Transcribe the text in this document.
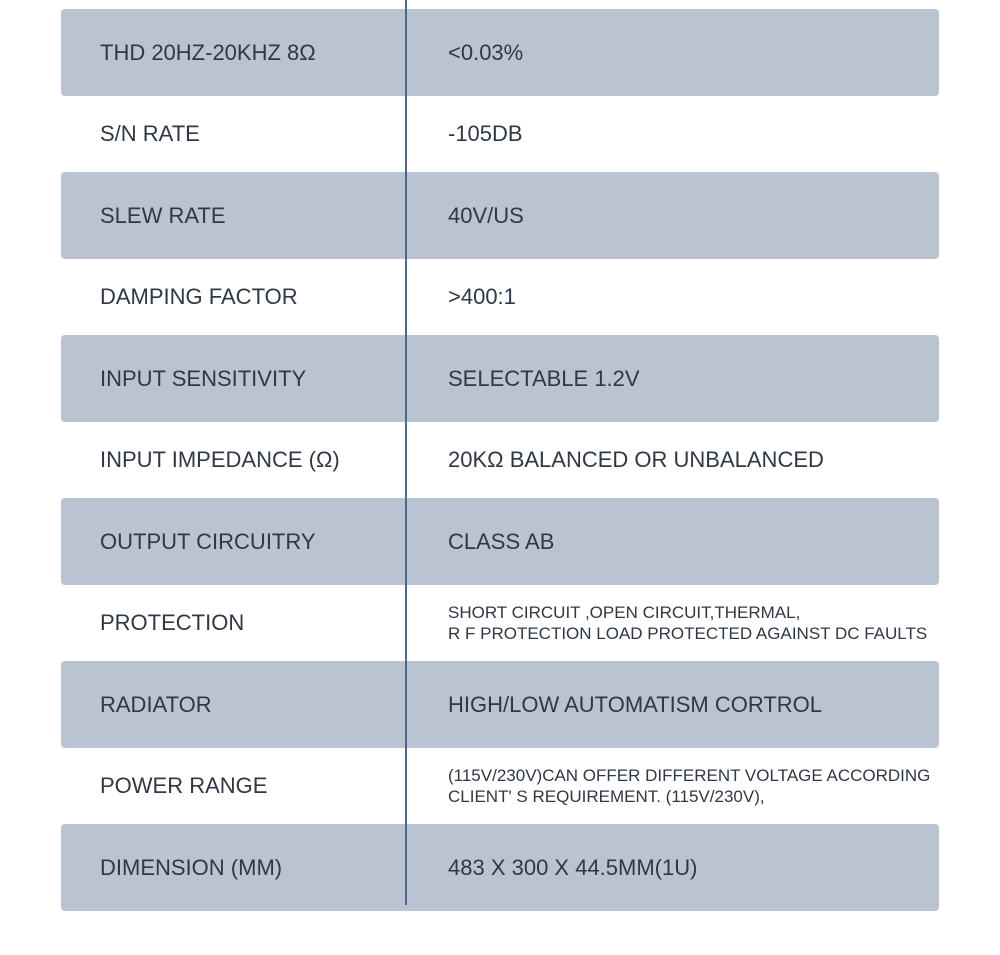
THD 20HZ-20KHZ 8Ω	<0.03%
S/N RATE	-105DB
SLEW RATE	40V/US
DAMPING FACTOR	>400:1
INPUT SENSITIVITY	SELECTABLE 1.2V
INPUT IMPEDANCE (Ω)	20KΩ BALANCED OR UNBALANCED
OUTPUT CIRCUITRY	CLASS AB
PROTECTION	SHORT CIRCUIT ,OPEN CIRCUIT,THERMAL,
R F PROTECTION LOAD PROTECTED AGAINST DC FAULTS
RADIATOR	HIGH/LOW AUTOMATISM CORTROL
POWER RANGE	(115V/230V)CAN OFFER DIFFERENT VOLTAGE ACCORDING
CLIENT' S REQUIREMENT. (115V/230V),
DIMENSION (MM)	483 X 300 X 44.5MM(1U)
